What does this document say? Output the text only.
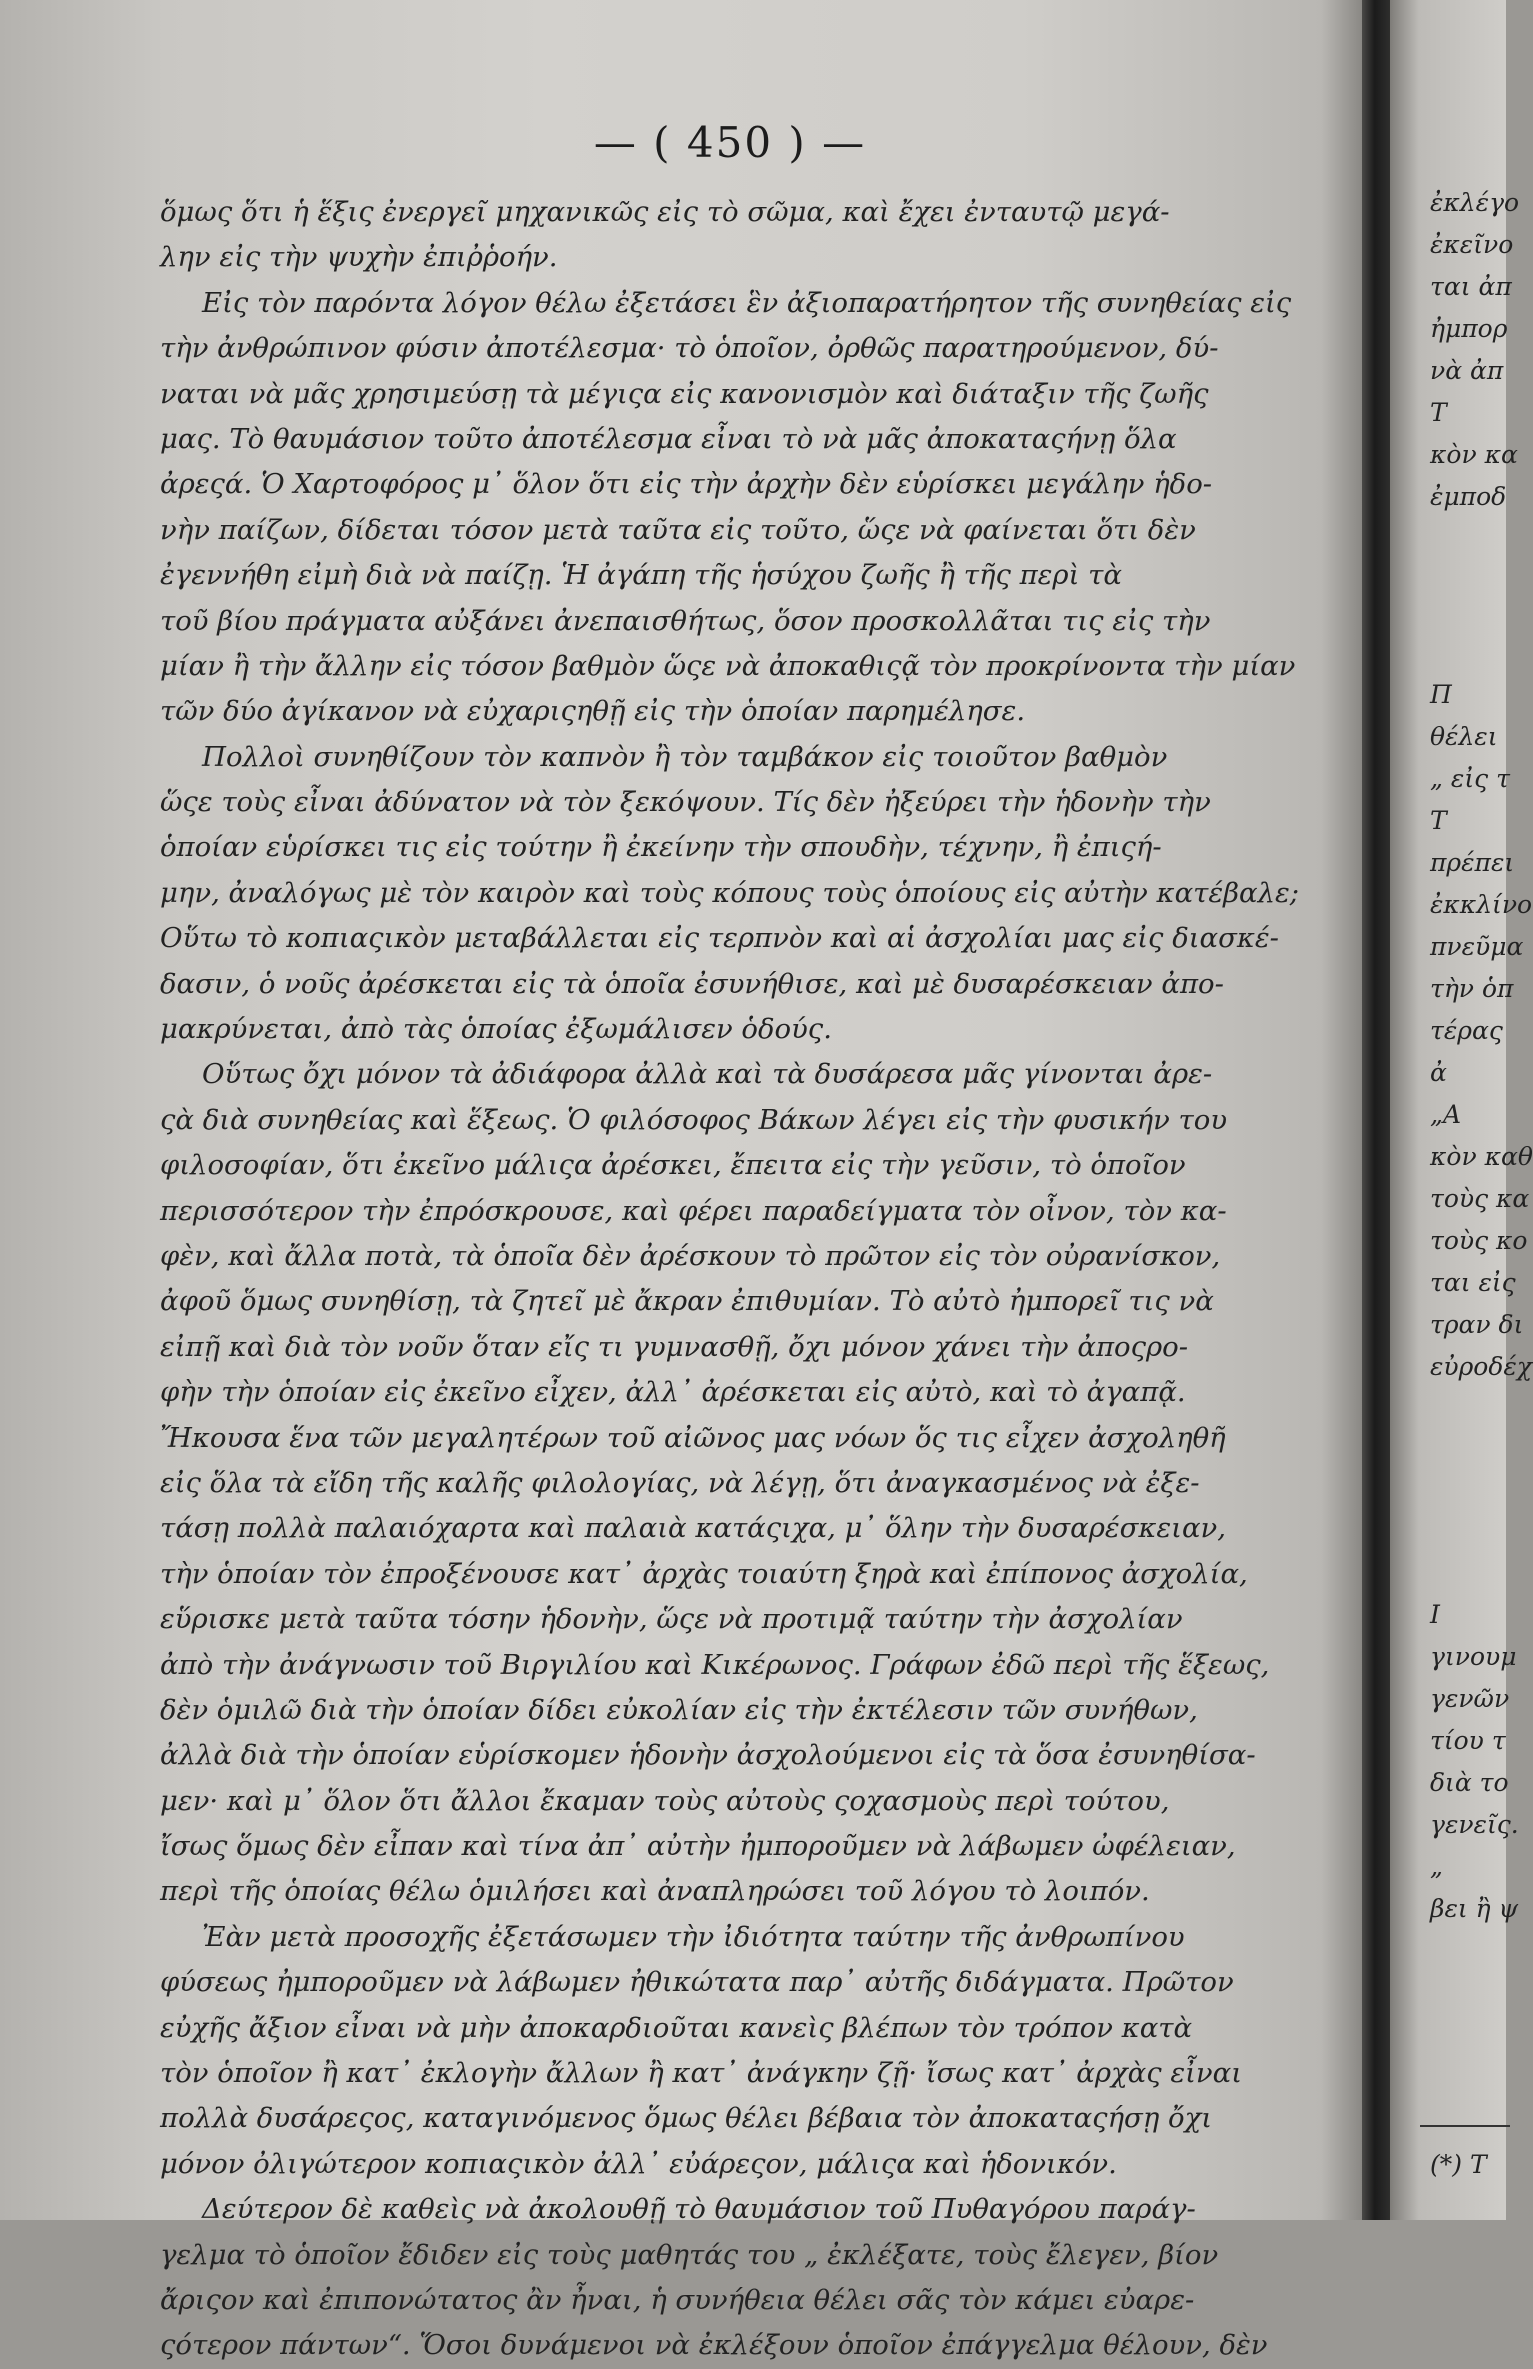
— ( 450 ) —
ὅμως ὅτι ἡ ἕξις ἐνεργεῖ μηχανικῶς εἰς τὸ σῶμα, καὶ ἔχει ἐνταυτῷ μεγά-
λην εἰς τὴν ψυχὴν ἐπιῤῥοήν.
Εἰς τὸν παρόντα λόγον θέλω ἐξετάσει ἓν ἀξιοπαρατήρητον τῆς συνηθείας εἰς
τὴν ἀνθρώπινον φύσιν ἀποτέλεσμα· τὸ ὁποῖον, ὀρθῶς παρατηρούμενον, δύ-
ναται νὰ μᾶς χρησιμεύσῃ τὰ μέγιςα εἰς κανονισμὸν καὶ διάταξιν τῆς ζωῆς
μας. Τὸ θαυμάσιον τοῦτο ἀποτέλεσμα εἶναι τὸ νὰ μᾶς ἀποκαταςήνῃ ὅλα
ἀρεςά. Ὁ Χαρτοφόρος μ᾽ ὅλον ὅτι εἰς τὴν ἀρχὴν δὲν εὑρίσκει μεγάλην ἡδο-
νὴν παίζων, δίδεται τόσον μετὰ ταῦτα εἰς τοῦτο, ὥςε νὰ φαίνεται ὅτι δὲν
ἐγεννήθη εἰμὴ διὰ νὰ παίζῃ. Ἡ ἀγάπη τῆς ἡσύχου ζωῆς ἢ τῆς περὶ τὰ
τοῦ βίου πράγματα αὐξάνει ἀνεπαισθήτως, ὅσον προσκολλᾶται τις εἰς τὴν
μίαν ἢ τὴν ἄλλην εἰς τόσον βαθμὸν ὥςε νὰ ἀποκαθιςᾷ τὸν προκρίνοντα τὴν μίαν
τῶν δύο ἀγίκανον νὰ εὐχαριςηθῇ εἰς τὴν ὁποίαν παρημέλησε.
Πολλοὶ συνηθίζουν τὸν καπνὸν ἢ τὸν ταμβάκον εἰς τοιοῦτον βαθμὸν
ὥςε τοὺς εἶναι ἀδύνατον νὰ τὸν ξεκόψουν. Τίς δὲν ἠξεύρει τὴν ἡδονὴν τὴν
ὁποίαν εὑρίσκει τις εἰς τούτην ἢ ἐκείνην τὴν σπουδὴν, τέχνην, ἢ ἐπιςή-
μην, ἀναλόγως μὲ τὸν καιρὸν καὶ τοὺς κόπους τοὺς ὁποίους εἰς αὐτὴν κατέβαλε;
Οὕτω τὸ κοπιαςικὸν μεταβάλλεται εἰς τερπνὸν καὶ αἱ ἀσχολίαι μας εἰς διασκέ-
δασιν, ὁ νοῦς ἀρέσκεται εἰς τὰ ὁποῖα ἐσυνήθισε, καὶ μὲ δυσαρέσκειαν ἀπο-
μακρύνεται, ἀπὸ τὰς ὁποίας ἐξωμάλισεν ὁδούς.
Οὕτως ὄχι μόνον τὰ ἀδιάφορα ἀλλὰ καὶ τὰ δυσάρεσα μᾶς γίνονται ἀρε-
ςὰ διὰ συνηθείας καὶ ἕξεως. Ὁ φιλόσοφος Βάκων λέγει εἰς τὴν φυσικήν του
φιλοσοφίαν, ὅτι ἐκεῖνο μάλιςα ἀρέσκει, ἔπειτα εἰς τὴν γεῦσιν, τὸ ὁποῖον
περισσότερον τὴν ἐπρόσκρουσε, καὶ φέρει παραδείγματα τὸν οἶνον, τὸν κα-
φὲν, καὶ ἄλλα ποτὰ, τὰ ὁποῖα δὲν ἀρέσκουν τὸ πρῶτον εἰς τὸν οὐρανίσκον,
ἀφοῦ ὅμως συνηθίσῃ, τὰ ζητεῖ μὲ ἄκραν ἐπιθυμίαν. Τὸ αὐτὸ ἠμπορεῖ τις νὰ
εἰπῇ καὶ διὰ τὸν νοῦν ὅταν εἴς τι γυμνασθῇ, ὄχι μόνον χάνει τὴν ἀποςρο-
φὴν τὴν ὁποίαν εἰς ἐκεῖνο εἶχεν, ἀλλ᾽ ἀρέσκεται εἰς αὐτὸ, καὶ τὸ ἀγαπᾷ.
Ἤκουσα ἕνα τῶν μεγαλητέρων τοῦ αἰῶνος μας νόων ὅς τις εἶχεν ἀσχοληθῆ
εἰς ὅλα τὰ εἴδη τῆς καλῆς φιλολογίας, νὰ λέγῃ, ὅτι ἀναγκασμένος νὰ ἐξε-
τάσῃ πολλὰ παλαιόχαρτα καὶ παλαιὰ κατάςιχα, μ᾽ ὅλην τὴν δυσαρέσκειαν,
τὴν ὁποίαν τὸν ἐπροξένουσε κατ᾽ ἀρχὰς τοιαύτη ξηρὰ καὶ ἐπίπονος ἀσχολία,
εὕρισκε μετὰ ταῦτα τόσην ἡδονὴν, ὥςε νὰ προτιμᾷ ταύτην τὴν ἀσχολίαν
ἀπὸ τὴν ἀνάγνωσιν τοῦ Βιργιλίου καὶ Κικέρωνος. Γράφων ἐδῶ περὶ τῆς ἕξεως,
δὲν ὁμιλῶ διὰ τὴν ὁποίαν δίδει εὐκολίαν εἰς τὴν ἐκτέλεσιν τῶν συνήθων,
ἀλλὰ διὰ τὴν ὁποίαν εὑρίσκομεν ἡδονὴν ἀσχολούμενοι εἰς τὰ ὅσα ἐσυνηθίσα-
μεν· καὶ μ᾽ ὅλον ὅτι ἄλλοι ἔκαμαν τοὺς αὐτοὺς ςοχασμοὺς περὶ τούτου,
ἴσως ὅμως δὲν εἶπαν καὶ τίνα ἀπ᾽ αὐτὴν ἠμποροῦμεν νὰ λάβωμεν ὠφέλειαν,
περὶ τῆς ὁποίας θέλω ὁμιλήσει καὶ ἀναπληρώσει τοῦ λόγου τὸ λοιπόν.
Ἐὰν μετὰ προσοχῆς ἐξετάσωμεν τὴν ἰδιότητα ταύτην τῆς ἀνθρωπίνου
φύσεως ἠμποροῦμεν νὰ λάβωμεν ἠθικώτατα παρ᾽ αὐτῆς διδάγματα. Πρῶτον
εὐχῆς ἄξιον εἶναι νὰ μὴν ἀποκαρδιοῦται κανεὶς βλέπων τὸν τρόπον κατὰ
τὸν ὁποῖον ἢ κατ᾽ ἐκλογὴν ἄλλων ἢ κατ᾽ ἀνάγκην ζῇ· ἴσως κατ᾽ ἀρχὰς εἶναι
πολλὰ δυσάρεςος, καταγινόμενος ὅμως θέλει βέβαια τὸν ἀποκαταςήσῃ ὄχι
μόνον ὀλιγώτερον κοπιαςικὸν ἀλλ᾽ εὐάρεςον, μάλιςα καὶ ἡδονικόν.
Δεύτερον δὲ καθεὶς νὰ ἀκολουθῇ τὸ θαυμάσιον τοῦ Πυθαγόρου παράγ-
γελμα τὸ ὁποῖον ἔδιδεν εἰς τοὺς μαθητάς του „ ἐκλέξατε, τοὺς ἔλεγεν, βίον
ἄριςον καὶ ἐπιπονώτατος ἂν ἦναι, ἡ συνήθεια θέλει σᾶς τὸν κάμει εὐαρε-
ςότερον πάντων“. Ὅσοι δυνάμενοι νὰ ἐκλέξουν ὁποῖον ἐπάγγελμα θέλουν, δὲν
ἐκλέγο
ἐκεῖνο
ται ἀπ
ἠμπορ
νὰ ἀπ
Τ
κὸν κα
ἐμποδ
Π
θέλει
„ εἰς τ
Τ
πρέπει
ἐκκλίνο
πνεῦμα
τὴν ὁπ
τέρας
ἀ
„Α
κὸν καθ
τοὺς κα
τοὺς κο
ται εἰς
τραν δι
εὐροδέχ
Ι
γινουμ
γενῶν
τίου τ
διὰ το
γενεῖς.
„
βει ἢ ψ
(*) Τ
